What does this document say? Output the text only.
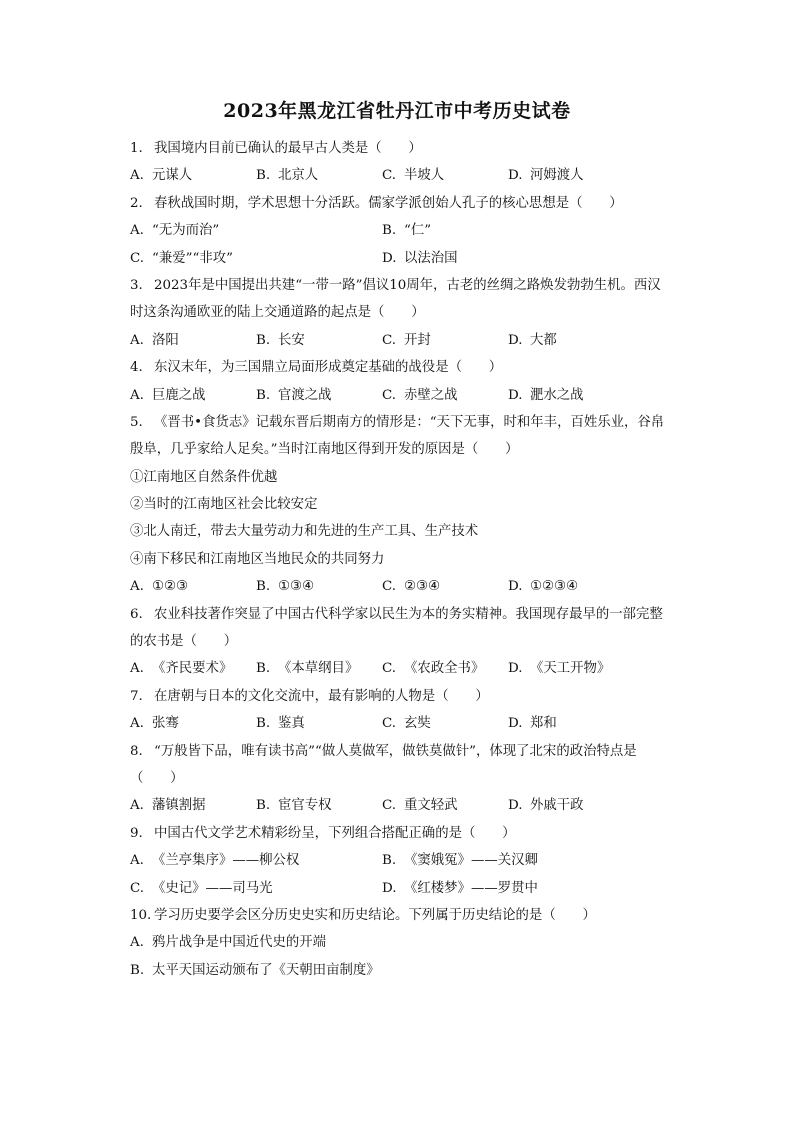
2023年黑龙江省牡丹江市中考历史试卷
1. 我国境内目前已确认的最早古人类是（　　）
A. 元谋人	B. 北京人	C. 半坡人	D. 河姆渡人
2. 春秋战国时期，学术思想十分活跃。儒家学派创始人孔子的核心思想是（　　）
A. “无为而治”	B. “仁”
C. “兼爱”“非攻”	D. 以法治国
3. 2023年是中国提出共建“一带一路”倡议10周年，古老的丝绸之路焕发勃勃生机。西汉
时这条沟通欧亚的陆上交通道路的起点是（　　）
A. 洛阳	B. 长安	C. 开封	D. 大都
4. 东汉末年，为三国鼎立局面形成奠定基础的战役是（　　）
A. 巨鹿之战	B. 官渡之战	C. 赤壁之战	D. 淝水之战
5. 《晋书•食货志》记载东晋后期南方的情形是：“天下无事，时和年丰，百姓乐业，谷帛
殷阜，几乎家给人足矣。”当时江南地区得到开发的原因是（　　）
①江南地区自然条件优越
②当时的江南地区社会比较安定
③北人南迁，带去大量劳动力和先进的生产工具、生产技术
④南下移民和江南地区当地民众的共同努力
A. ①②③	B. ①③④	C. ②③④	D. ①②③④
6. 农业科技著作突显了中国古代科学家以民生为本的务实精神。我国现存最早的一部完整
的农书是（　　）
A. 《齐民要术》 B. 《本草纲目》 C. 《农政全书》 D. 《天工开物》
7. 在唐朝与日本的文化交流中，最有影响的人物是（　　）
A. 张骞	B. 鉴真	C. 玄奘	D. 郑和
8. “万般皆下品，唯有读书高”“做人莫做军，做铁莫做针”，体现了北宋的政治特点是
（　　）
A. 藩镇割据	B. 宦官专权	C. 重文轻武	D. 外戚干政
9. 中国古代文学艺术精彩纷呈，下列组合搭配正确的是（　　）
A. 《兰亭集序》——柳公权	B. 《窦娥冤》——关汉卿
C. 《史记》——司马光	D. 《红楼梦》——罗贯中
10. 学习历史要学会区分历史史实和历史结论。下列属于历史结论的是（　　）
A. 鸦片战争是中国近代史的开端
B. 太平天国运动颁布了《天朝田亩制度》
